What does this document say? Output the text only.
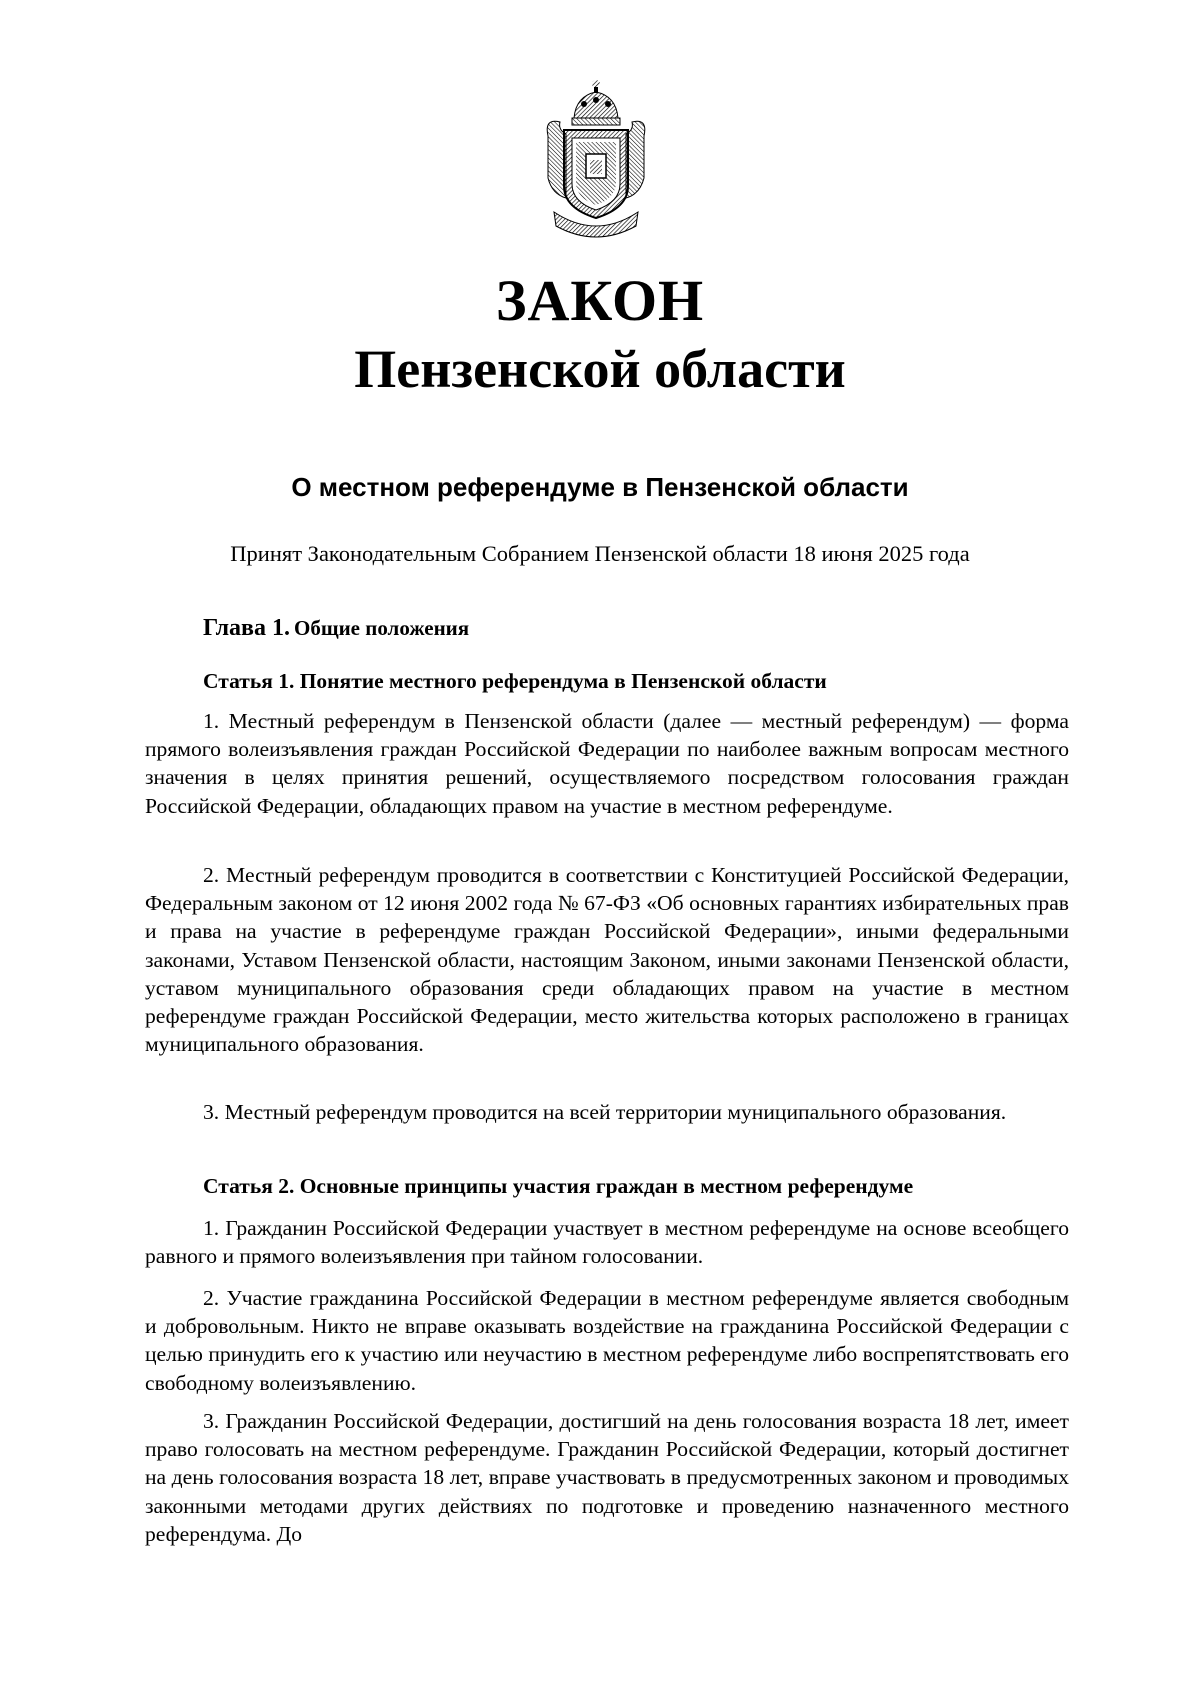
ЗАКОН
Пензенской области
О местном референдуме в Пензенской области
Принят Законодательным Собранием Пензенской области 18 июня 2025 года
Глава 1. Общие положения
Статья 1. Понятие местного референдума в Пензенской области

1. Местный референдум в Пензенской области (далее — местный референдум) — форма прямого волеизъявления граждан Российской Федерации по наиболее важным вопросам местного значения в целях принятия решений, осуществляемого посредством голосования граждан Российской Федерации, обладающих правом на участие в местном референдуме.

2. Местный референдум проводится в соответствии с Конституцией Российской Федерации, Федеральным законом от 12 июня 2002 года № 67-ФЗ «Об основных гарантиях избирательных прав и права на участие в референдуме граждан Российской Федерации», иными федеральными законами, Уставом Пензенской области, настоящим Законом, иными законами Пензенской области, уставом муниципального образования среди обладающих правом на участие в местном референдуме граждан Российской Федерации, место жительства которых расположено в границах муниципального образования.

3. Местный референдум проводится на всей территории муниципального образования.

Статья 2. Основные принципы участия граждан в местном референдуме

1. Гражданин Российской Федерации участвует в местном референдуме на основе всеобщего равного и прямого волеизъявления при тайном голосовании.

2. Участие гражданина Российской Федерации в местном референдуме является свободным и добровольным. Никто не вправе оказывать воздействие на гражданина Российской Федерации с целью принудить его к участию или неучастию в местном референдуме либо воспрепятствовать его свободному волеизъявлению.

3. Гражданин Российской Федерации, достигший на день голосования возраста 18 лет, имеет право голосовать на местном референдуме. Гражданин Российской Федерации, который достигнет на день голосования возраста 18 лет, вправе участвовать в предусмотренных законом и проводимых законными методами других действиях по подготовке и проведению назначенного местного референдума. До
